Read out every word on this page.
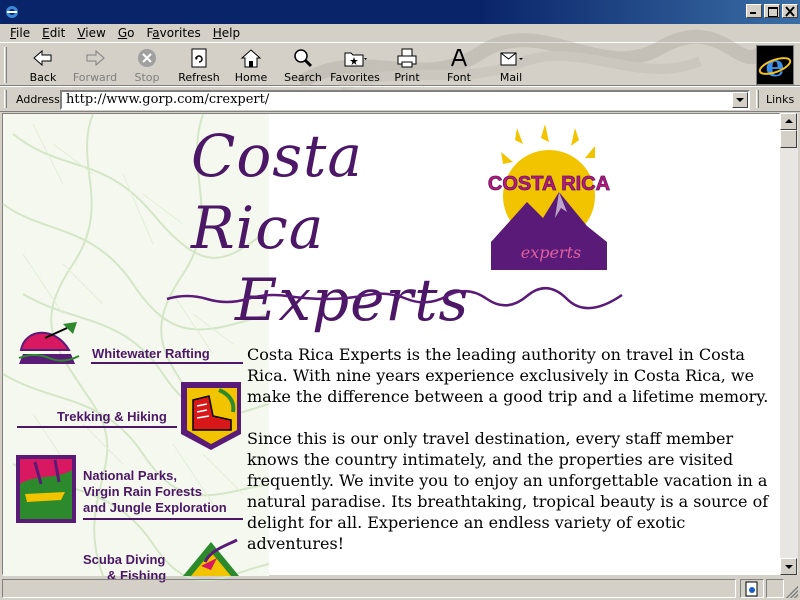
File	Edit	View	Go	Favorites	Help
Back	Forward	Stop	Refresh	Home	Search Favorites	Print	Font	Mail	e
Address http://www.gorp.com/crexpert/	Links
Costa Rica
Experts
COSTA RICA
experts
Whitewater Rafting
Trekking & Hiking
National Parks,
Virgin Rain Forests
and Jungle Exploration
Scuba Diving
& Fishing

Costa Rica Experts is the leading authority on travel in Costa Rica. With nine years experience exclusively in Costa Rica, we make the difference between a good trip and a lifetime memory.

Since this is our only travel destination, every staff member knows the country intimately, and the properties are visited frequently. We invite you to enjoy an unforgettable vacation in a natural paradise. Its breathtaking, tropical beauty is a source of delight for all. Experience an endless variety of exotic adventures!
